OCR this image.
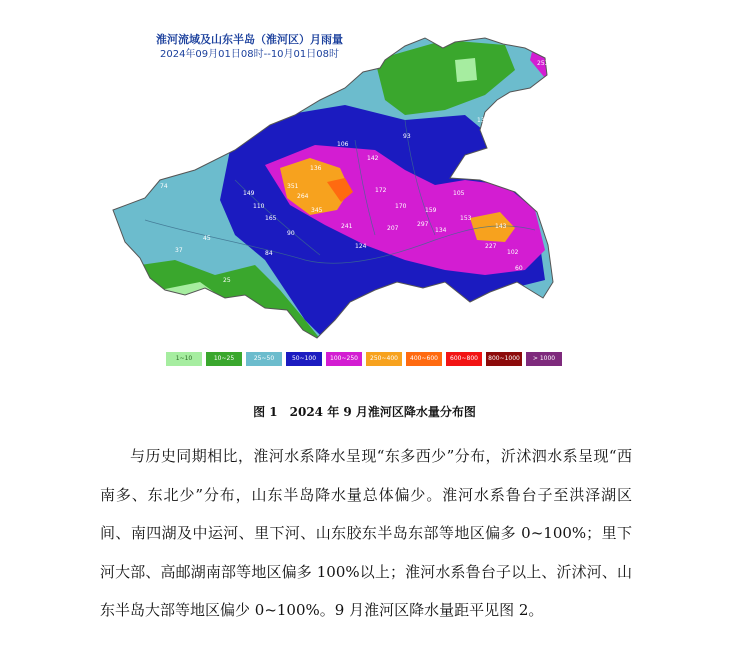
74
149
110
264
345
351
136
172
142
105
134
297
207
159
153
143
102
90
84
12
25
37
45
60
253
202
132
106
93
241
170
165
124	227
淮河流域及山东半岛（淮河区）月雨量
2024年09月01日08时--10月01日08时
1~10	10~25	25~50	50~100	100~250	250~400	400~600	600~800	800~1000	> 1000
图 1　2024 年 9 月淮河区降水量分布图

与历史同期相比，淮河水系降水呈现“东多西少”分布，沂沭泗水系呈现“西南多、东北少”分布，山东半岛降水量总体偏少。淮河水系鲁台子至洪泽湖区间、南四湖及中运河、里下河、山东胶东半岛东部等地区偏多 0~100%；里下河大部、高邮湖南部等地区偏多 100%以上；淮河水系鲁台子以上、沂沭河、山东半岛大部等地区偏少 0~100%。9 月淮河区降水量距平见图 2。
